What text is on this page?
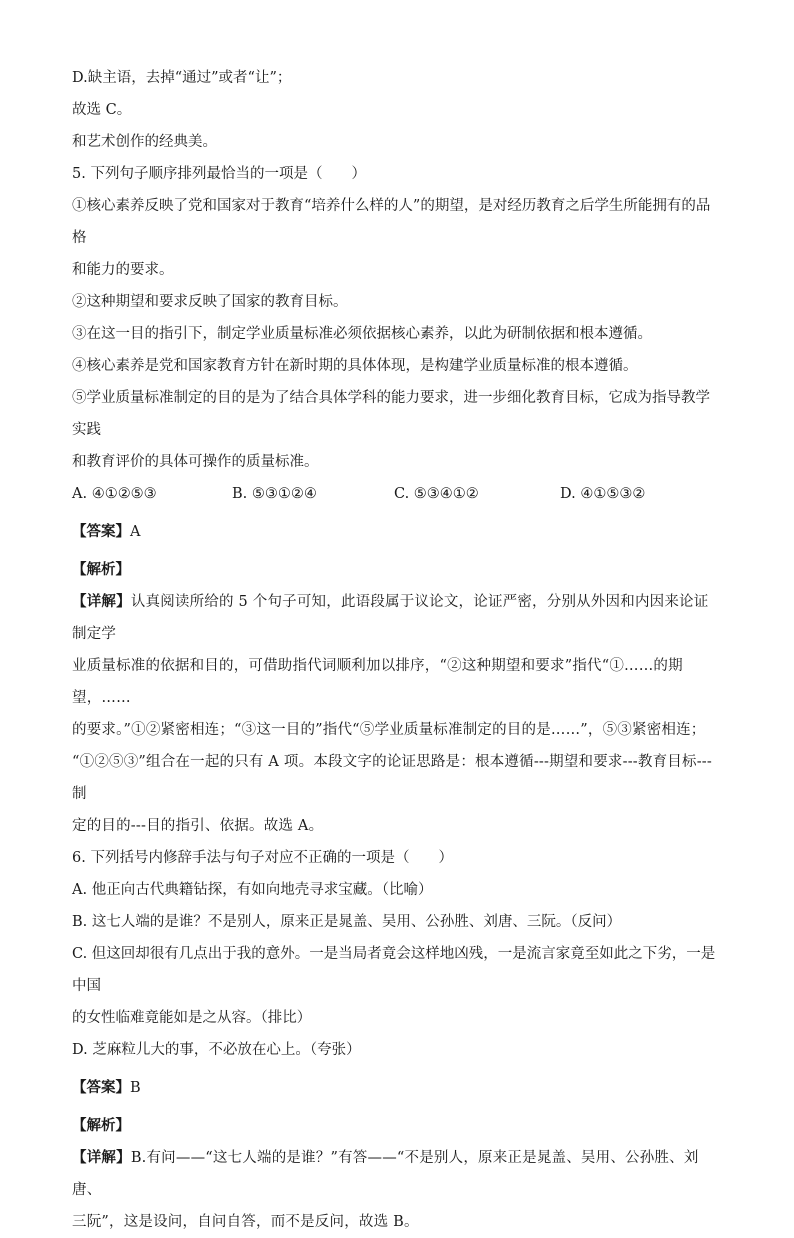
D.缺主语，去掉“通过”或者“让”；

故选 C。

和艺术创作的经典美。

5. 下列句子顺序排列最恰当的一项是（　　）

①核心素养反映了党和国家对于教育“培养什么样的人”的期望，是对经历教育之后学生所能拥有的品格

和能力的要求。

②这种期望和要求反映了国家的教育目标。

③在这一目的指引下，制定学业质量标准必须依据核心素养，以此为研制依据和根本遵循。

④核心素养是党和国家教育方针在新时期的具体体现，是构建学业质量标准的根本遵循。

⑤学业质量标准制定的目的是为了结合具体学科的能力要求，进一步细化教育目标，它成为指导教学实践

和教育评价的具体可操作的质量标准。

A. ④①②⑤③	B. ⑤③①②④	C. ⑤③④①②	D. ④①⑤③②

【答案】A

【解析】

【详解】认真阅读所给的 5 个句子可知，此语段属于议论文，论证严密，分别从外因和内因来论证制定学

业质量标准的依据和目的，可借助指代词顺利加以排序，“②这种期望和要求”指代“①……的期望，……

的要求。”①②紧密相连；“③这一目的”指代“⑤学业质量标准制定的目的是……”，⑤③紧密相连；

“①②⑤③”组合在一起的只有 A 项。本段文字的论证思路是：根本遵循---期望和要求---教育目标---制

定的目的---目的指引、依据。故选 A。

6. 下列括号内修辞手法与句子对应不正确的一项是（　　）

A. 他正向古代典籍钻探，有如向地壳寻求宝藏。（比喻）

B. 这七人端的是谁？不是别人，原来正是晁盖、吴用、公孙胜、刘唐、三阮。（反问）

C. 但这回却很有几点出于我的意外。一是当局者竟会这样地凶残，一是流言家竟至如此之下劣，一是中国

的女性临难竟能如是之从容。（排比）

D. 芝麻粒儿大的事，不必放在心上。（夸张）

【答案】B

【解析】

【详解】B.有问——“这七人端的是谁？”有答——“不是别人，原来正是晁盖、吴用、公孙胜、刘唐、

三阮”，这是设问，自问自答，而不是反问，故选 B。
